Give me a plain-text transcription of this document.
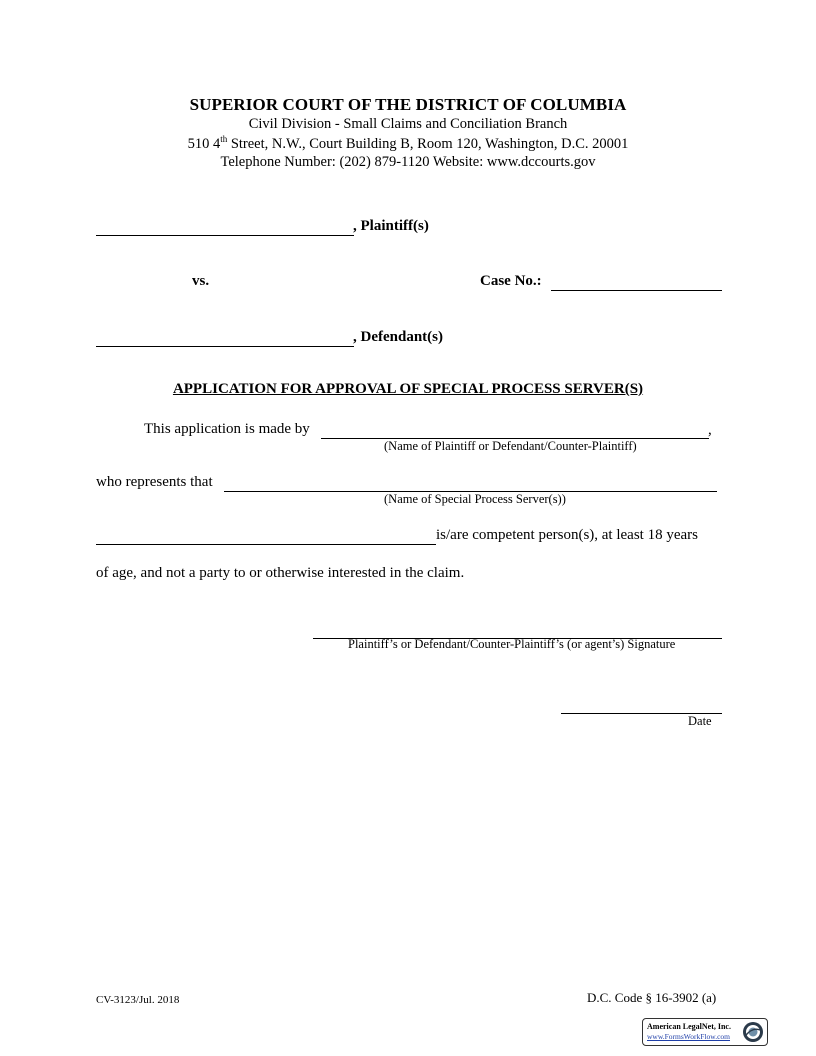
SUPERIOR COURT OF THE DISTRICT OF COLUMBIA
Civil Division - Small Claims and Conciliation Branch
510 4th Street, N.W., Court Building B, Room 120, Washington, D.C. 20001
Telephone Number: (202) 879-1120 Website: www.dccourts.gov
, Plaintiff(s)
vs.	Case No.:
, Defendant(s)
APPLICATION FOR APPROVAL OF SPECIAL PROCESS SERVER(S)
This application is made by	,
(Name of Plaintiff or Defendant/Counter-Plaintiff)
who represents that
(Name of Special Process Server(s))
is/are competent person(s), at least 18 years
of age, and not a party to or otherwise interested in the claim.
Plaintiff’s or Defendant/Counter-Plaintiff’s (or agent’s) Signature
Date
CV-3123/Jul. 2018	D.C. Code § 16-3902 (a)
American LegalNet, Inc.
www.FormsWorkFlow.com
